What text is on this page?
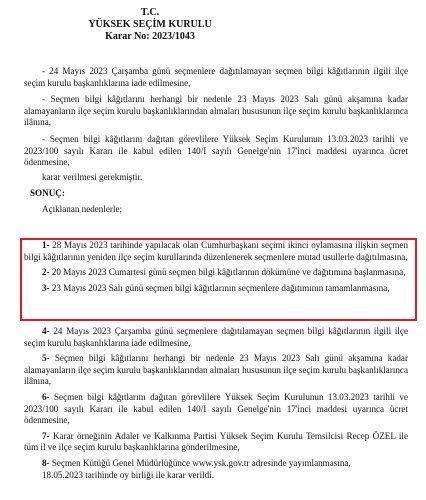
T.C.
YÜKSEK SEÇİM KURULU
Karar No: 2023/1043

- 24 Mayıs 2023 Çarşamba günü seçmenlere dağıtılamayan seçmen bilgi kâğıtlarının ilgili ilçe seçim kurulu başkanlıklarına iade edilmesine,

- Seçmen bilgi kâğıtlarını herhangi bir nedenle 23 Mayıs 2023 Salı günü akşamına kadar alamayanların ilçe seçim kurulu başkanlıklarından almaları hususunun ilçe seçim kurulu başkanlıklarınca ilânına,

- Seçmen bilgi kâğıtlarını dağıtan görevlilere Yüksek Seçim Kurulunun 13.03.2023 tarihli ve 2023/100 sayılı Kararı ile kabul edilen 140/I sayılı Genelge'nin 17'inci maddesi uyarınca ücret ödenmesine,

karar verilmesi gerekmiştir.

SONUÇ:

Açıklanan nedenlerle;

1- 28 Mayıs 2023 tarihinde yapılacak olan Cumhurbaşkanı seçimi ikinci oylamasına ilişkin seçmen bilgi kâğıtlarının yeniden ilçe seçim kurullarında düzenlenerek seçmenlere mutad usullerle dağıtılmasına,

2- 20 Mayıs 2023 Cumartesi günü seçmen bilgi kâğıtlarının dökümüne ve dağıtımına başlanmasına,

3- 23 Mayıs 2023 Salı günü seçmen bilgi kâğıtlarının seçmenlere dağıtımının tamamlanmasına,

4- 24 Mayıs 2023 Çarşamba günü seçmenlere dağıtılamayan seçmen bilgi kâğıtlarının ilgili ilçe seçim kurulu başkanlıklarına iade edilmesine,

5- Seçmen bilgi kâğıtlarını herhangi bir nedenle 23 Mayıs 2023 Salı günü akşamına kadar alamayanların ilçe seçim kurulu başkanlıklarından almaları hususunun ilçe seçim kurulu başkanlıklarınca ilânına,

6- Seçmen bilgi kâğıtlarını dağıtan görevlilere Yüksek Seçim Kurulunun 13.03.2023 tarihli ve 2023/100 sayılı Kararı ile kabul edilen 140/I sayılı Genelge'nin 17'inci maddesi uyarınca ücret ödenmesine,

7- Karar örneğinin Adalet ve Kalkınma Partisi Yüksek Seçim Kurulu Temsilcisi Recep ÖZEL ile tüm il ve ilçe seçim kurulu başkanlıklarına gönderilmesine,

8- Seçmen Kütüğü Genel Müdürlüğünce www.ysk.gov.tr adresinde yayımlanmasına,

18.05.2023 tarihinde oy birliği ile karar verildi.
